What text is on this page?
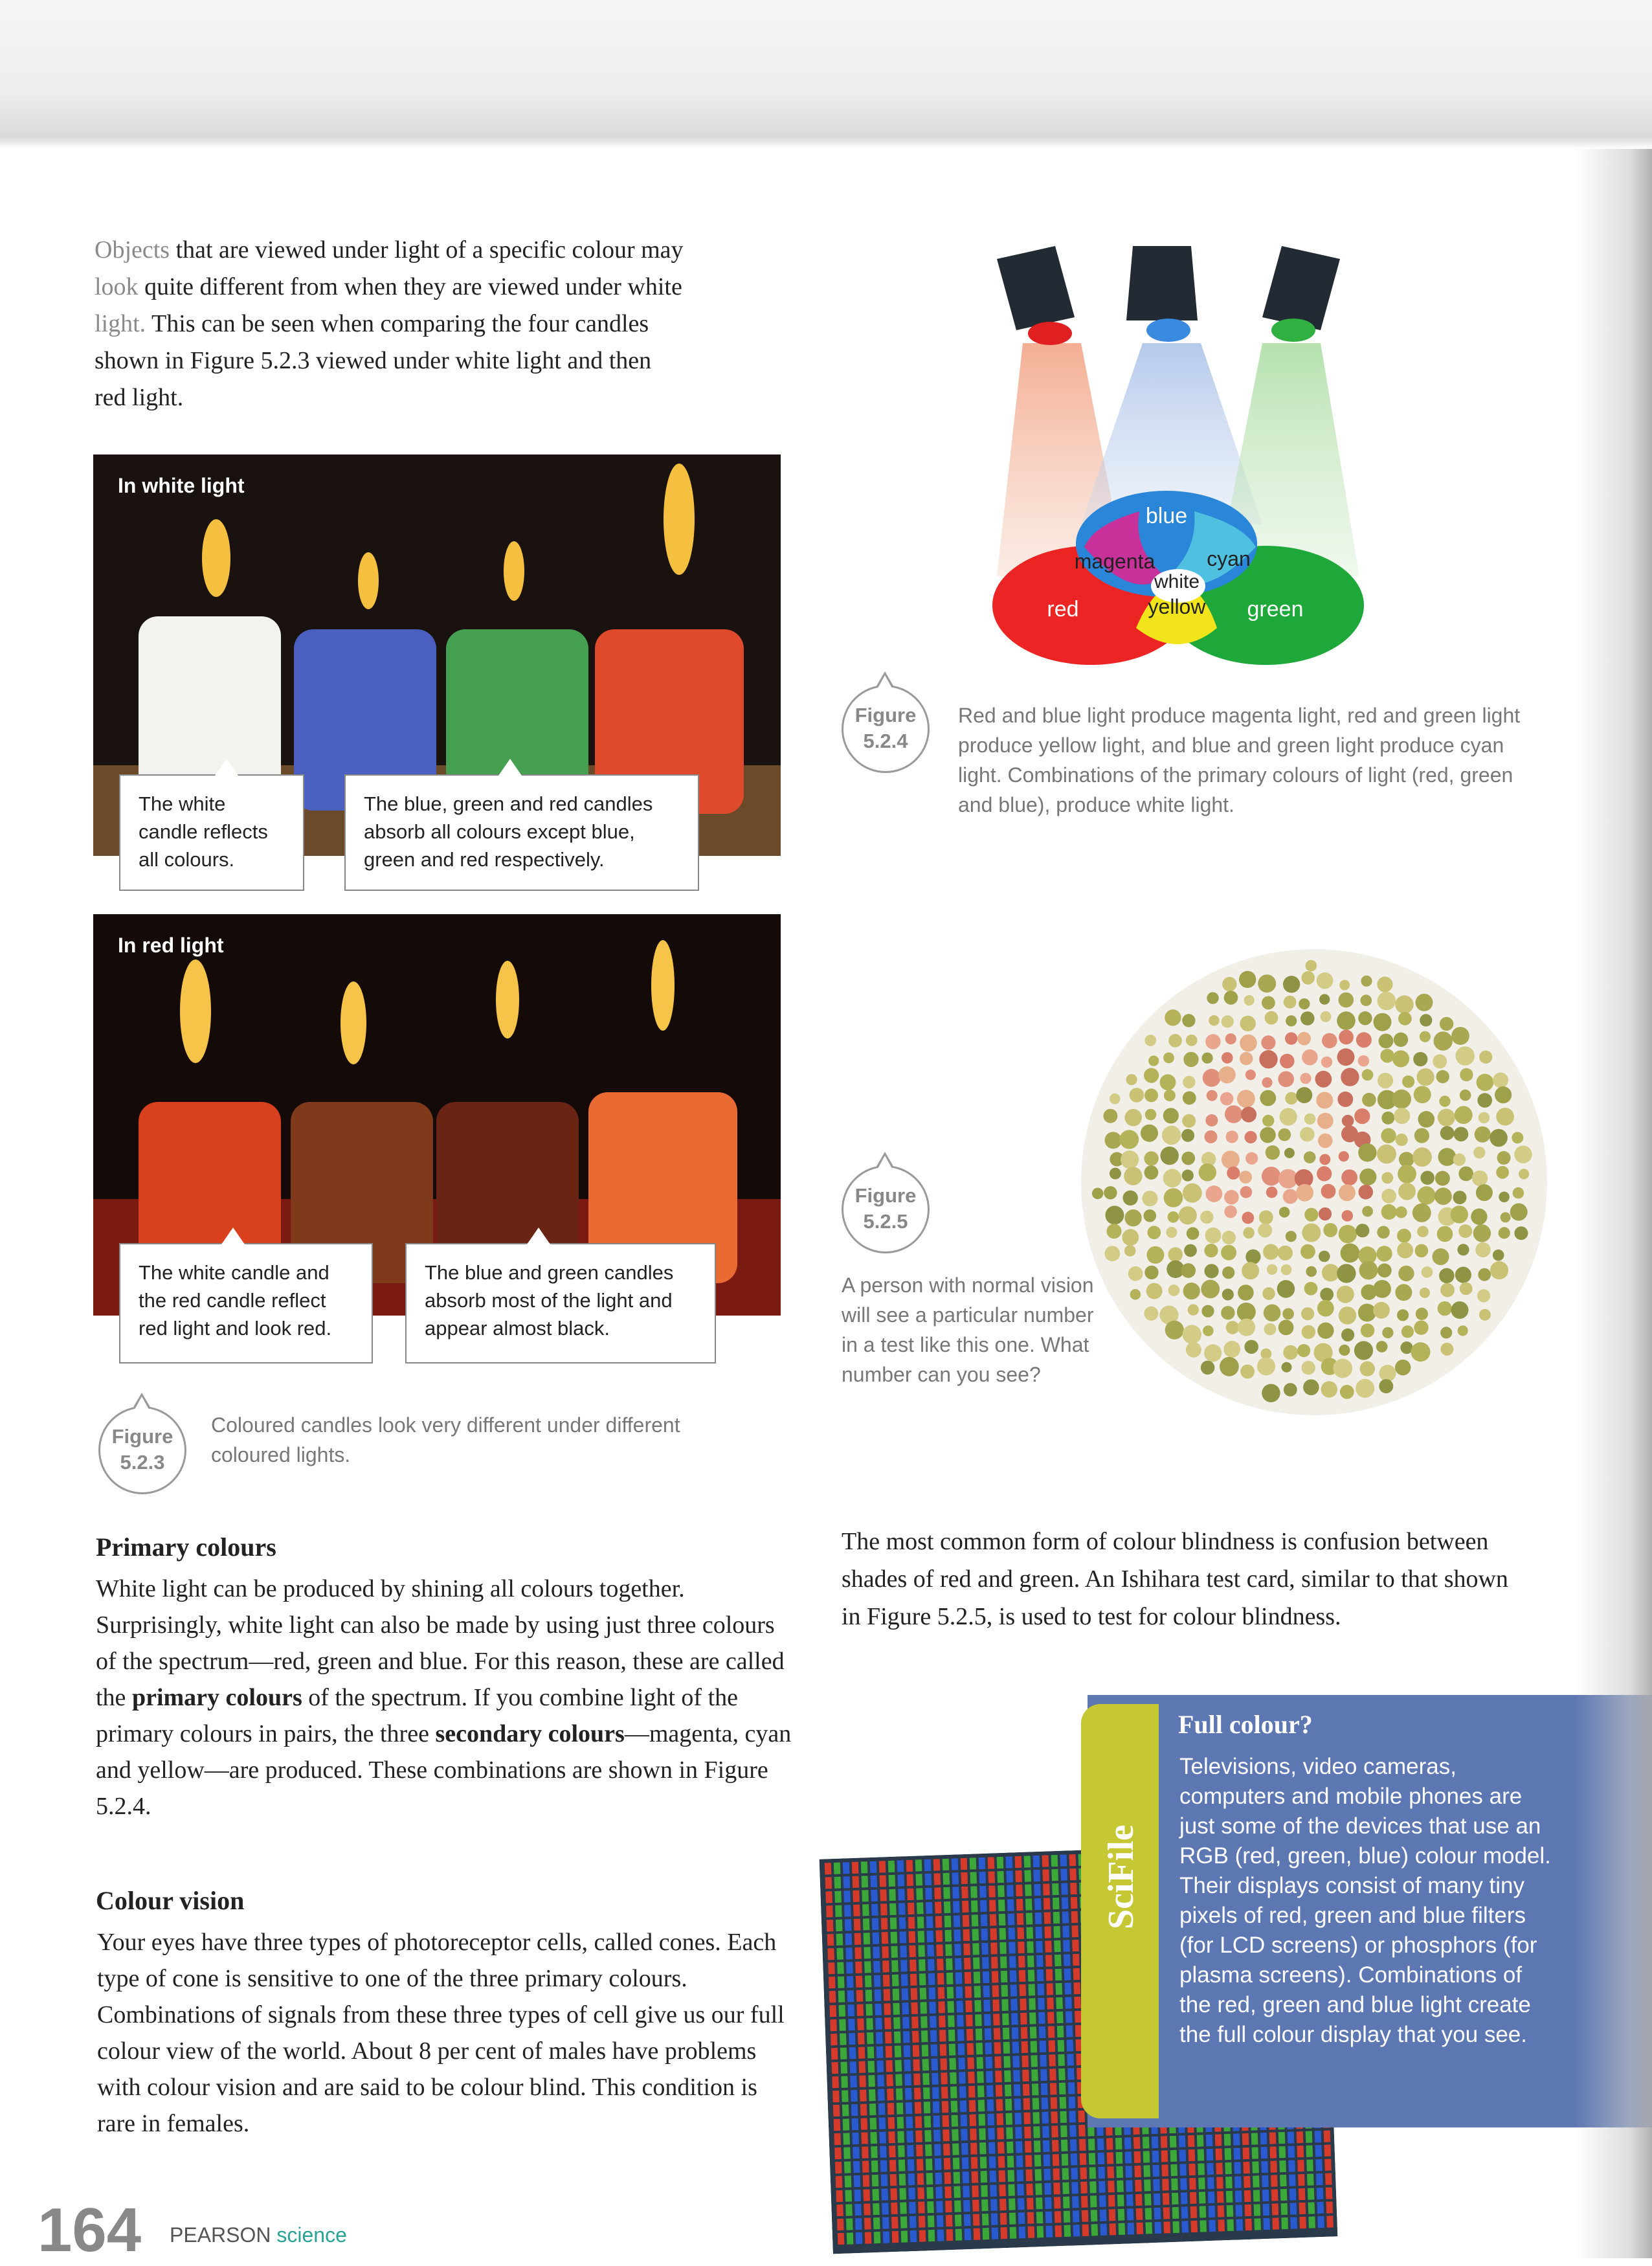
Objects that are viewed under light of a specific colour may
look quite different from when they are viewed under white
light. This can be seen when comparing the four candles
shown in Figure 5.2.3 viewed under white light and then
red light.
In white light
The white candle reflects all colours.
The blue, green and red candles absorb all colours except blue, green and red respectively.
In red light
The white candle and the red candle reflect red light and look red.
The blue and green candles absorb most of the light and appear almost black.
Figure
5.2.3
Coloured candles look very different under different coloured lights.
blue
magenta cyan
white
red	yellow green
Figure
5.2.4
Red and blue light produce magenta light, red and green light produce yellow light, and blue and green light produce cyan light. Combinations of the primary colours of light (red, green and blue), produce white light.
Figure
5.2.5
A person with normal vision will see a particular number in a test like this one. What number can you see?
Primary colours
White light can be produced by shining all colours together. Surprisingly, white light can also be made by using just three colours of the spectrum—red, green and blue. For this reason, these are called the primary colours of the spectrum. If you combine light of the primary colours in pairs, the three secondary colours—magenta, cyan and yellow—are produced. These combinations are shown in Figure 5.2.4.
Colour vision
Your eyes have three types of photoreceptor cells, called cones. Each type of cone is sensitive to one of the three primary colours. Combinations of signals from these three types of cell give us our full colour view of the world. About 8 per cent of males have problems with colour vision and are said to be colour blind. This condition is rare in females.
The most common form of colour blindness is confusion between shades of red and green. An Ishihara test card, similar to that shown in Figure 5.2.5, is used to test for colour blindness.
SciFile
Full colour?
Televisions, video cameras, computers and mobile phones are just some of the devices that use an RGB (red, green, blue) colour model. Their displays consist of many tiny pixels of red, green and blue filters (for LCD screens) or phosphors (for plasma screens). Combinations of the red, green and blue light create the full colour display that you see.
164 PEARSON science
